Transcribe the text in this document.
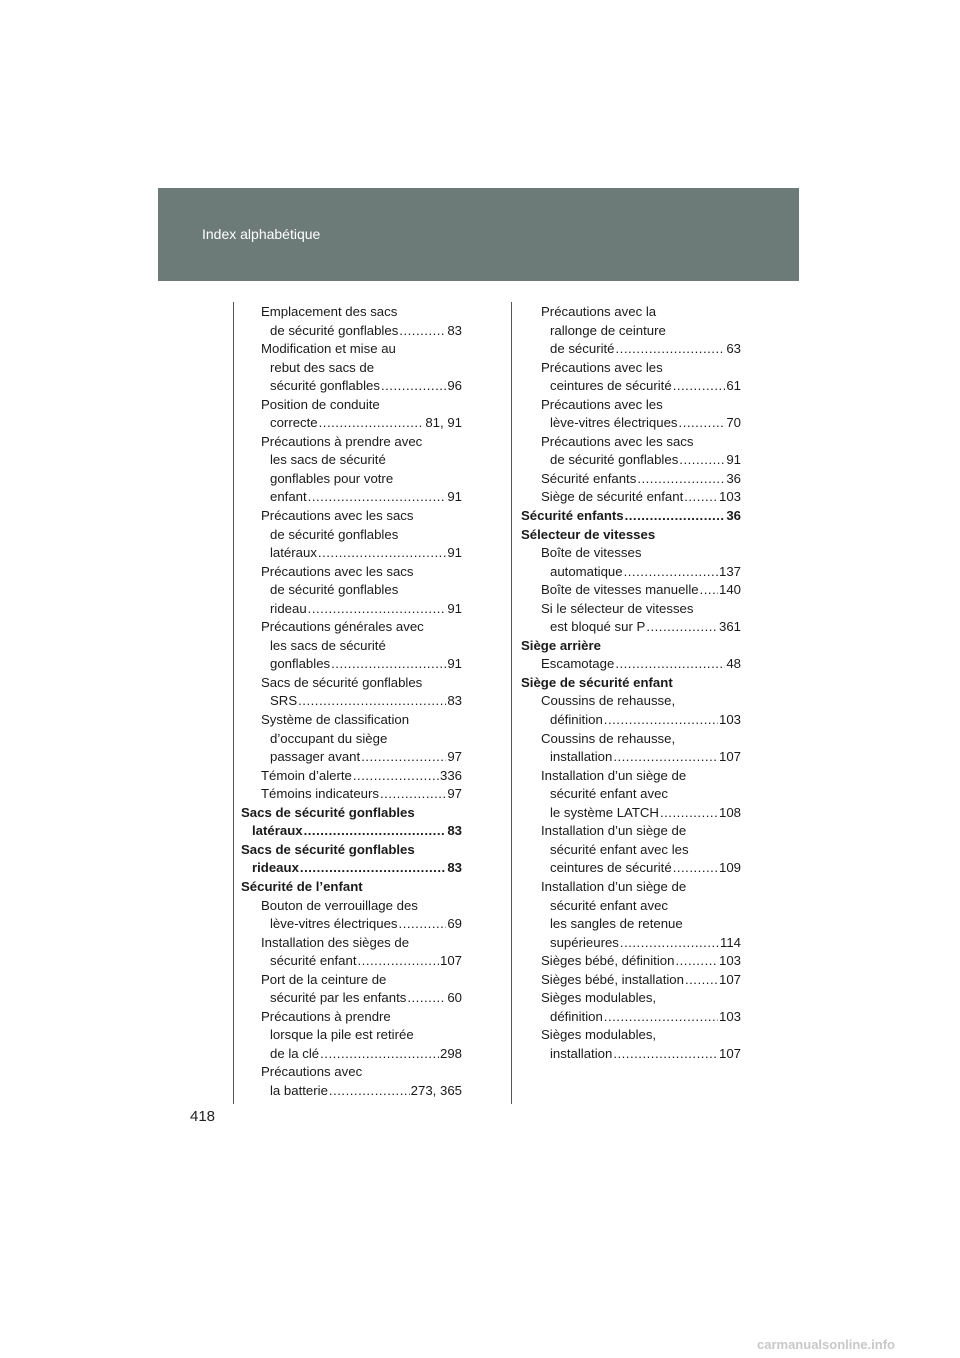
Index alphabétique
Emplacement des sacs
de sécurité gonflables .....	83
Modification et mise au
rebut des sacs de
sécurité gonflables .....	96
Position de conduite
correcte .....	81, 91
Précautions à prendre avec
les sacs de sécurité
gonflables pour votre
enfant .....	91
Précautions avec les sacs
de sécurité gonflables
latéraux .....	91
Précautions avec les sacs
de sécurité gonflables
rideau .....	91
Précautions générales avec
les sacs de sécurité
gonflables .....	91
Sacs de sécurité gonflables
SRS .....	83
Système de classification
d’occupant du siège
passager avant .....	97
Témoin d’alerte .....	336
Témoins indicateurs .....	97
Sacs de sécurité gonflables
latéraux .....	83
Sacs de sécurité gonflables
rideaux .....	83
Sécurité de l’enfant
Bouton de verrouillage des
lève-vitres électriques .....	69
Installation des sièges de
sécurité enfant .....	107
Port de la ceinture de
sécurité par les enfants .....	60
Précautions à prendre
lorsque la pile est retirée
de la clé .....	298
Précautions avec
la batterie .....	273, 365
Précautions avec la
rallonge de ceinture
de sécurité .....	63
Précautions avec les
ceintures de sécurité .....	61
Précautions avec les
lève-vitres électriques .....	70
Précautions avec les sacs
de sécurité gonflables .....	91
Sécurité enfants .....	36
Siège de sécurité enfant .....	103
Sécurité enfants .....	36
Sélecteur de vitesses
Boîte de vitesses
automatique .....	137
Boîte de vitesses manuelle ..... 140
Si le sélecteur de vitesses
est bloqué sur P .....	361
Siège arrière
Escamotage .....	48
Siège de sécurité enfant
Coussins de rehausse,
définition .....	103
Coussins de rehausse,
installation .....	107
Installation d’un siège de
sécurité enfant avec
le système LATCH .....	108
Installation d’un siège de
sécurité enfant avec les
ceintures de sécurité .....	109
Installation d’un siège de
sécurité enfant avec
les sangles de retenue
supérieures .....	114
Sièges bébé, définition .....	103
Sièges bébé, installation .....	107
Sièges modulables,
définition .....	103
Sièges modulables,
installation .....	107
418
carmanualsonline.info
